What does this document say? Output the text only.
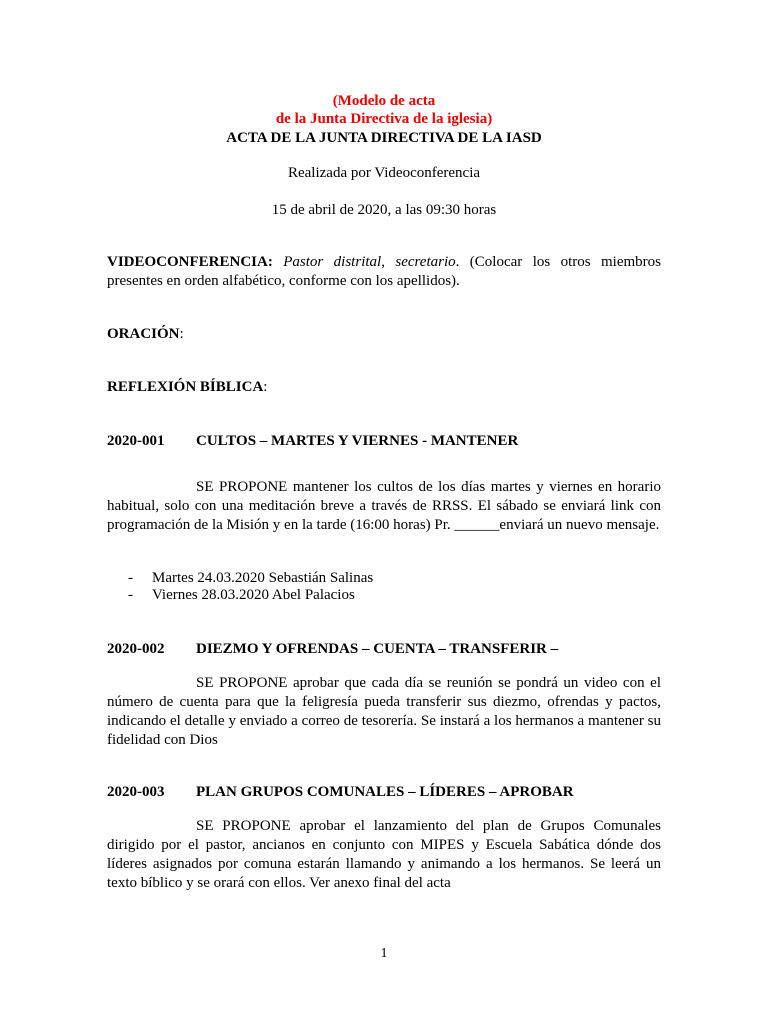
(Modelo de acta
de la Junta Directiva de la iglesia)
ACTA DE LA JUNTA DIRECTIVA DE LA IASD
Realizada por Videoconferencia
15 de abril de 2020, a las 09:30 horas
VIDEOCONFERENCIA: Pastor distrital, secretario. (Colocar los otros miembros presentes en orden alfabético, conforme con los apellidos).
ORACIÓN:
REFLEXIÓN BÍBLICA:
2020-001 CULTOS – MARTES Y VIERNES - MANTENER
SE PROPONE mantener los cultos de los días martes y viernes en horario habitual, solo con una meditación breve a través de RRSS. El sábado se enviará link con programación de la Misión y en la tarde (16:00 horas) Pr. ______enviará un nuevo mensaje.
- Martes 24.03.2020 Sebastián Salinas
- Viernes 28.03.2020 Abel Palacios
2020-002 DIEZMO Y OFRENDAS – CUENTA – TRANSFERIR –
SE PROPONE aprobar que cada día se reunión se pondrá un video con el número de cuenta para que la feligresía pueda transferir sus diezmo, ofrendas y pactos, indicando el detalle y enviado a correo de tesorería. Se instará a los hermanos a mantener su fidelidad con Dios
2020-003 PLAN GRUPOS COMUNALES – LÍDERES – APROBAR
SE PROPONE aprobar el lanzamiento del plan de Grupos Comunales dirigido por el pastor, ancianos en conjunto con MIPES y Escuela Sabática dónde dos líderes asignados por comuna estarán llamando y animando a los hermanos. Se leerá un texto bíblico y se orará con ellos. Ver anexo final del acta
1
